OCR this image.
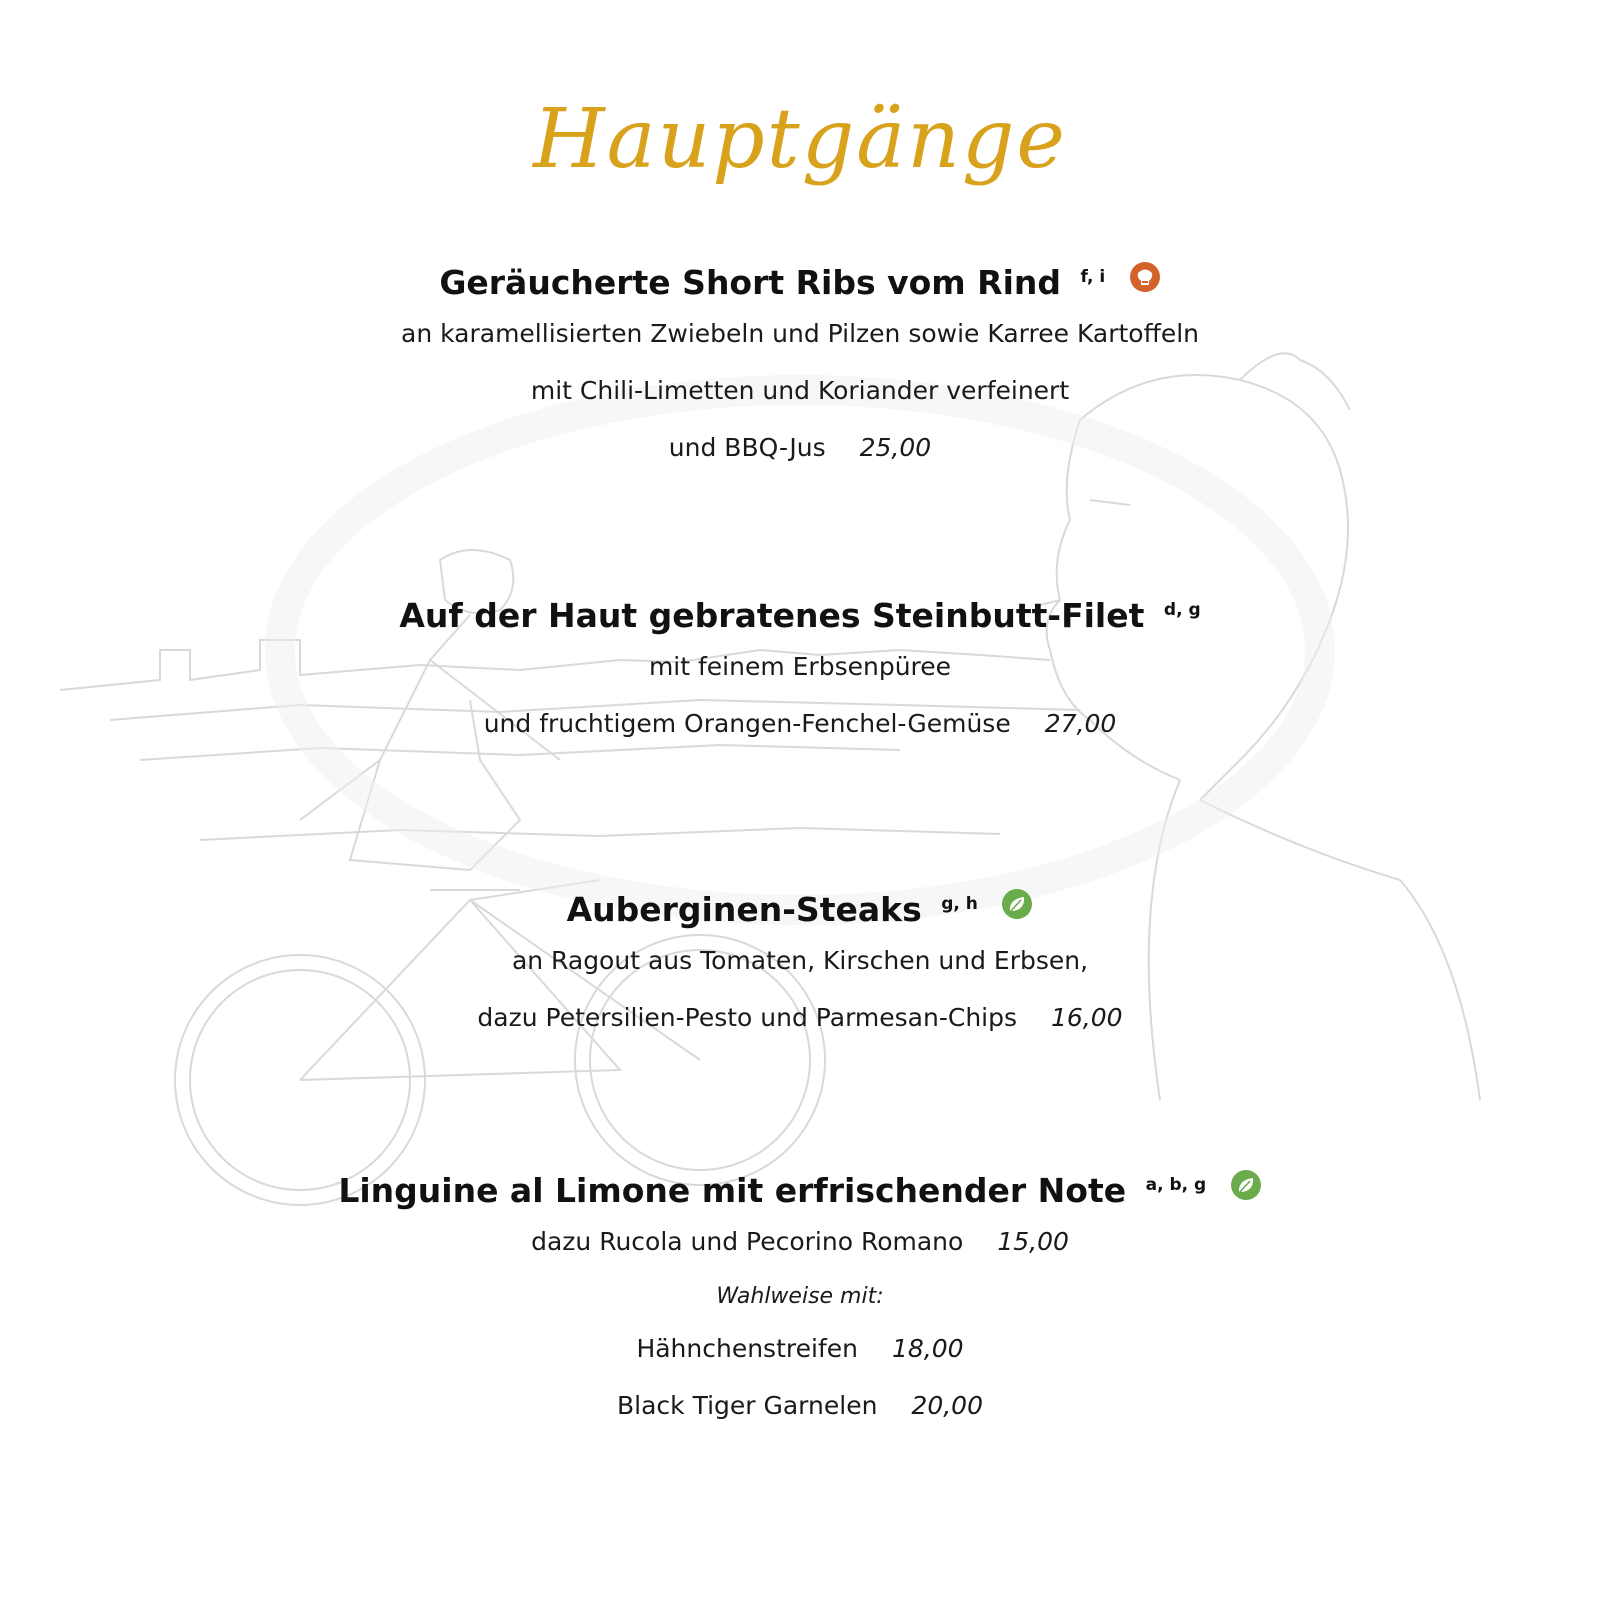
Hauptgänge
Geräucherte Short Ribs vom Rind $^{f, i}$
an karamellisierten Zwiebeln und Pilzen sowie Karree Kartoffeln
mit Chili-Limetten und Koriander verfeinert
und BBQ-Jus 25,00
Auf der Haut gebratenes Steinbutt-Filet $^{d, g}$
mit feinem Erbsenpüree
und fruchtigem Orangen-Fenchel-Gemüse 27,00
Auberginen-Steaks $^{g, h}$
an Ragout aus Tomaten, Kirschen und Erbsen,
dazu Petersilien-Pesto und Parmesan-Chips 16,00
Linguine al Limone mit erfrischender Note $^{a, b, g}$
dazu Rucola und Pecorino Romano 15,00
Wahlweise mit:
Hähnchenstreifen 18,00
Black Tiger Garnelen 20,00
